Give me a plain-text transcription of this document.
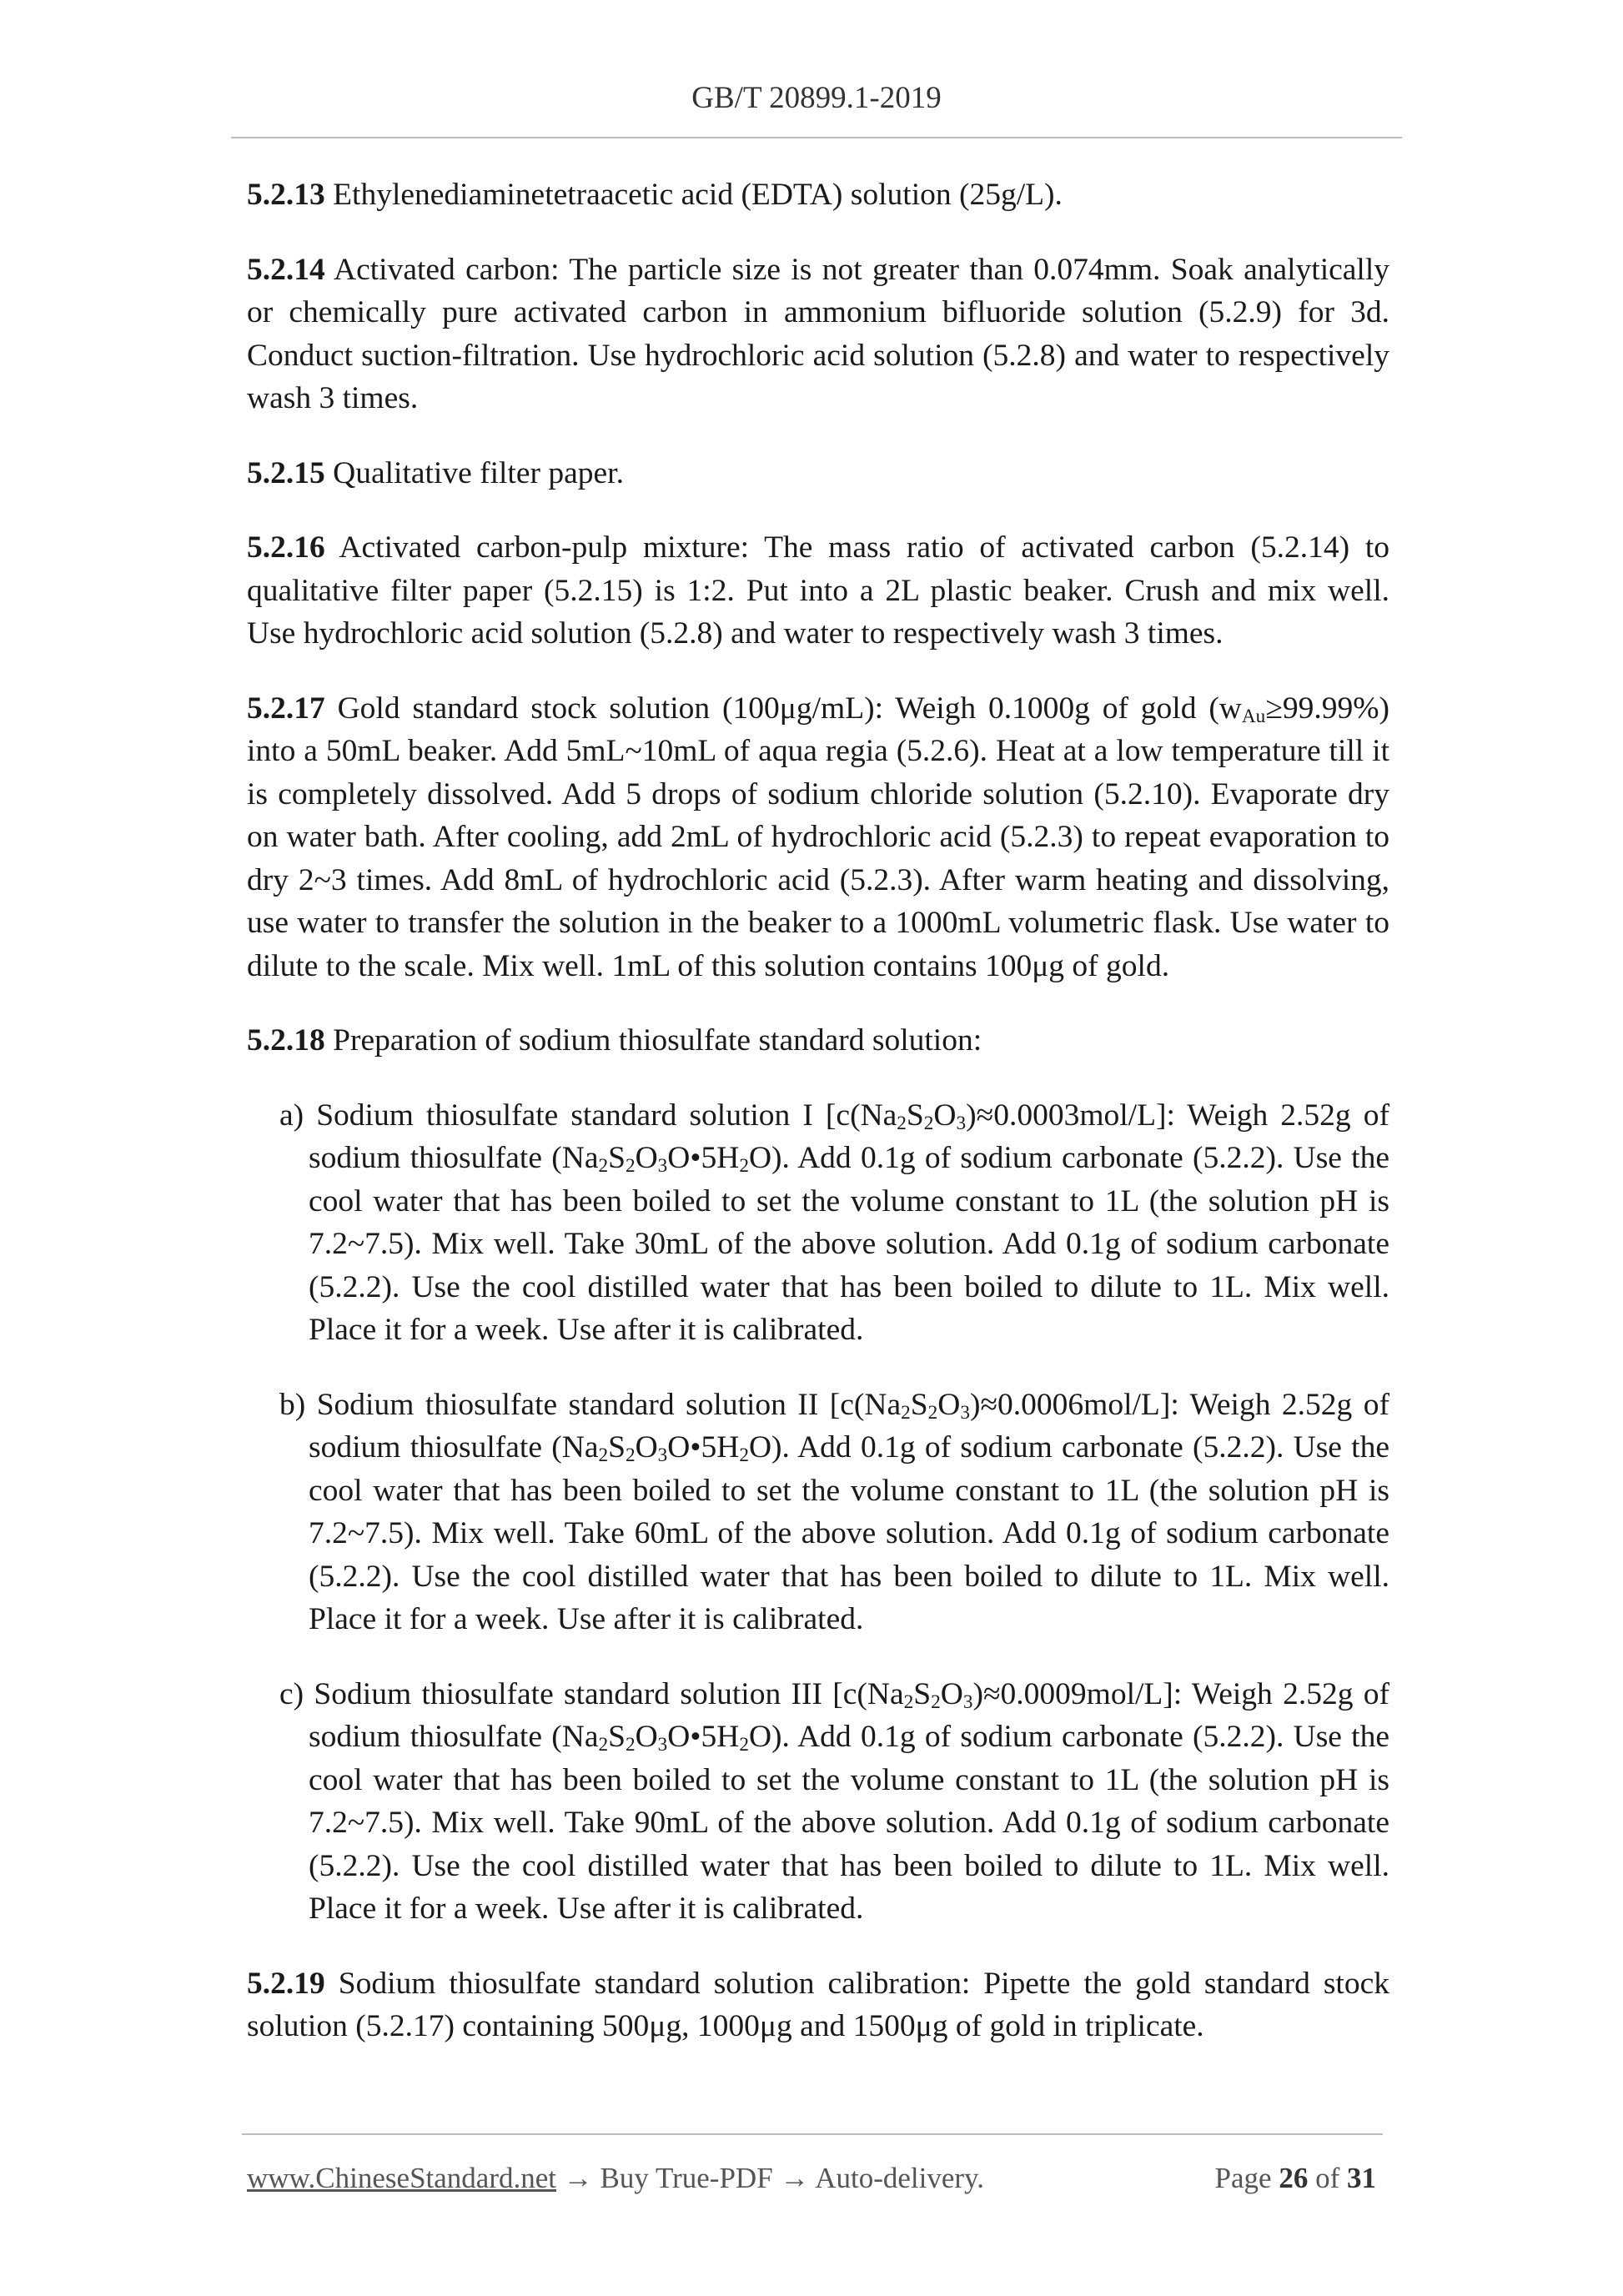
GB/T 20899.1-2019

5.2.13 Ethylenediaminetetraacetic acid (EDTA) solution (25g/L).

5.2.14 Activated carbon: The particle size is not greater than 0.074mm. Soak analytically or chemically pure activated carbon in ammonium bifluoride solution (5.2.9) for 3d. Conduct suction-filtration. Use hydrochloric acid solution (5.2.8) and water to respectively wash 3 times.

5.2.15 Qualitative filter paper.

5.2.16 Activated carbon-pulp mixture: The mass ratio of activated carbon (5.2.14) to qualitative filter paper (5.2.15) is 1:2. Put into a 2L plastic beaker. Crush and mix well. Use hydrochloric acid solution (5.2.8) and water to respectively wash 3 times.

5.2.17 Gold standard stock solution (100μg/mL): Weigh 0.1000g of gold $(w_{Au}\ge 99.99\%)$ into a 50mL beaker. Add 5mL~10mL of aqua regia (5.2.6). Heat at a low temperature till it is completely dissolved. Add 5 drops of sodium chloride solution (5.2.10). Evaporate dry on water bath. After cooling, add 2mL of hydrochloric acid (5.2.3) to repeat evaporation to dry 2~3 times. Add 8mL of hydrochloric acid (5.2.3). After warm heating and dissolving, use water to transfer the solution in the beaker to a 1000mL volumetric flask. Use water to dilute to the scale. Mix well. 1mL of this solution contains 100μg of gold.

5.2.18 Preparation of sodium thiosulfate standard solution:

a) Sodium thiosulfate standard solution I $[c(Na_2S_2O_3)\approx 0.0003mol/L]$: Weigh 2.52g of sodium thiosulfate $(Na_2S_2O_3O•5H_2O)$. Add 0.1g of sodium carbonate (5.2.2). Use the cool water that has been boiled to set the volume constant to 1L (the solution pH is 7.2~7.5). Mix well. Take 30mL of the above solution. Add 0.1g of sodium carbonate (5.2.2). Use the cool distilled water that has been boiled to dilute to 1L. Mix well. Place it for a week. Use after it is calibrated.

b) Sodium thiosulfate standard solution II $[c(Na_2S_2O_3)\approx 0.0006mol/L]$: Weigh 2.52g of sodium thiosulfate $(Na_2S_2O_3O•5H_2O)$. Add 0.1g of sodium carbonate (5.2.2). Use the cool water that has been boiled to set the volume constant to 1L (the solution pH is 7.2~7.5). Mix well. Take 60mL of the above solution. Add 0.1g of sodium carbonate (5.2.2). Use the cool distilled water that has been boiled to dilute to 1L. Mix well. Place it for a week. Use after it is calibrated.

c) Sodium thiosulfate standard solution III $[c(Na_2S_2O_3)\approx 0.0009mol/L]$: Weigh 2.52g of sodium thiosulfate $(Na_2S_2O_3O•5H_2O)$. Add 0.1g of sodium carbonate (5.2.2). Use the cool water that has been boiled to set the volume constant to 1L (the solution pH is 7.2~7.5). Mix well. Take 90mL of the above solution. Add 0.1g of sodium carbonate (5.2.2). Use the cool distilled water that has been boiled to dilute to 1L. Mix well. Place it for a week. Use after it is calibrated.

5.2.19 Sodium thiosulfate standard solution calibration: Pipette the gold standard stock solution (5.2.17) containing 500μg, 1000μg and 1500μg of gold in triplicate.

www.ChineseStandard.net → Buy True-PDF → Auto-delivery.	Page 26 of 31
